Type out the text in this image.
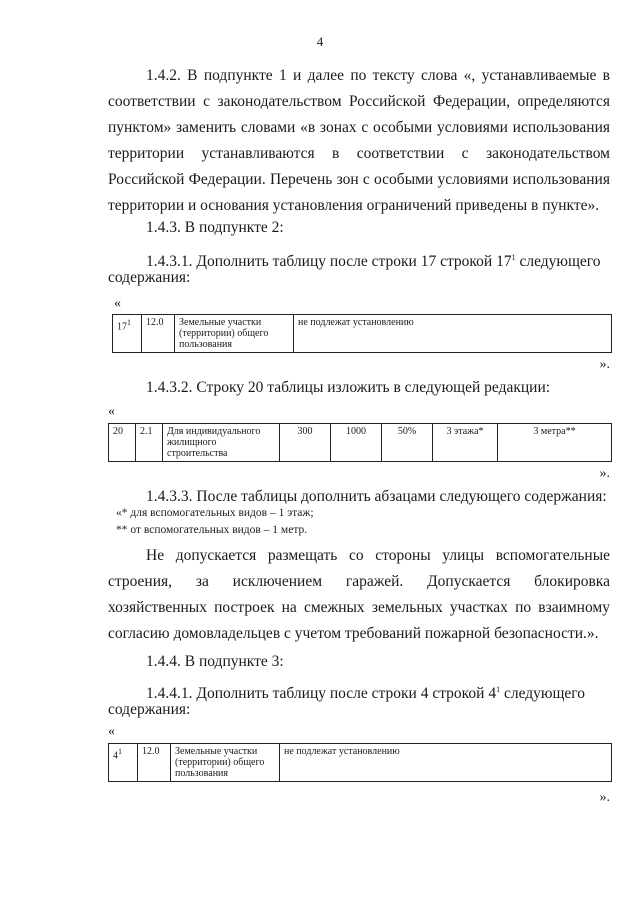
4

1.4.2. В подпункте 1 и далее по тексту слова «, устанавливаемые в соответствии с законодательством Российской Федерации, определяются пунктом» заменить словами «в зонах с особыми условиями использования территории устанавливаются в соответствии с законодательством Российской Федерации. Перечень зон с особыми условиями использования территории и основания установления ограничений приведены в пункте».

1.4.3. В подпункте 2:
1.4.3.1. Дополнить таблицу после строки 17 строкой $17^1$ следующего
содержания:
«
$17^1$	12.0	Земельные участки (территории) общего пользования	не подлежат установлению
».
1.4.3.2. Строку 20 таблицы изложить в следующей редакции:
«
20	2.1	Для индивидуального жилищного строительства	300	1000	50%	3 этажа*	3 метра**
».
1.4.3.3. После таблицы дополнить абзацами следующего содержания:
«* для вспомогательных видов – 1 этаж;
** от вспомогательных видов – 1 метр.

Не допускается размещать со стороны улицы вспомогательные строения, за исключением гаражей. Допускается блокировка хозяйственных построек на смежных земельных участках по взаимному согласию домовладельцев с учетом требований пожарной безопасности.».

1.4.4. В подпункте 3:
1.4.4.1. Дополнить таблицу после строки 4 строкой $4^1$ следующего
содержания:
«
$4^1$	12.0	Земельные участки (территории) общего пользования	не подлежат установлению
».
